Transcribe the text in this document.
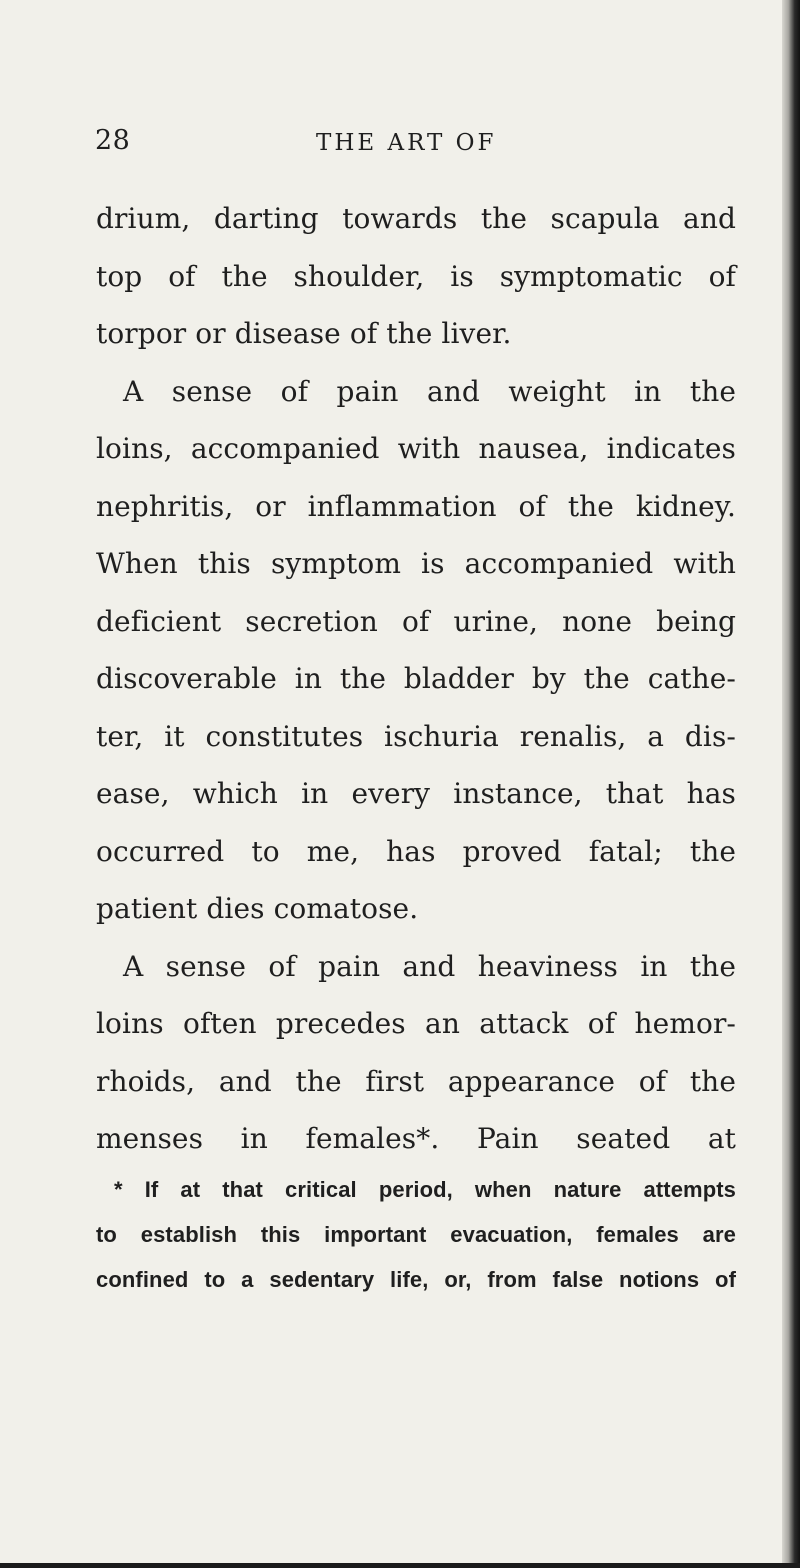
28	THE ART OF
drium, darting towards the scapula and
top of the shoulder, is symptomatic of
torpor or disease of the liver.
A sense of pain and weight in the
loins, accompanied with nausea, indicates
nephritis, or inflammation of the kidney.
When this symptom is accompanied with
deficient secretion of urine, none being
discoverable in the bladder by the cathe-
ter, it constitutes ischuria renalis, a dis-
ease, which in every instance, that has
occurred to me, has proved fatal; the
patient dies comatose.
A sense of pain and heaviness in the
loins often precedes an attack of hemor-
rhoids, and the first appearance of the
menses in females*. Pain seated at
* If at that critical period, when nature attempts
to establish this important evacuation, females are
confined to a sedentary life, or, from false notions of
